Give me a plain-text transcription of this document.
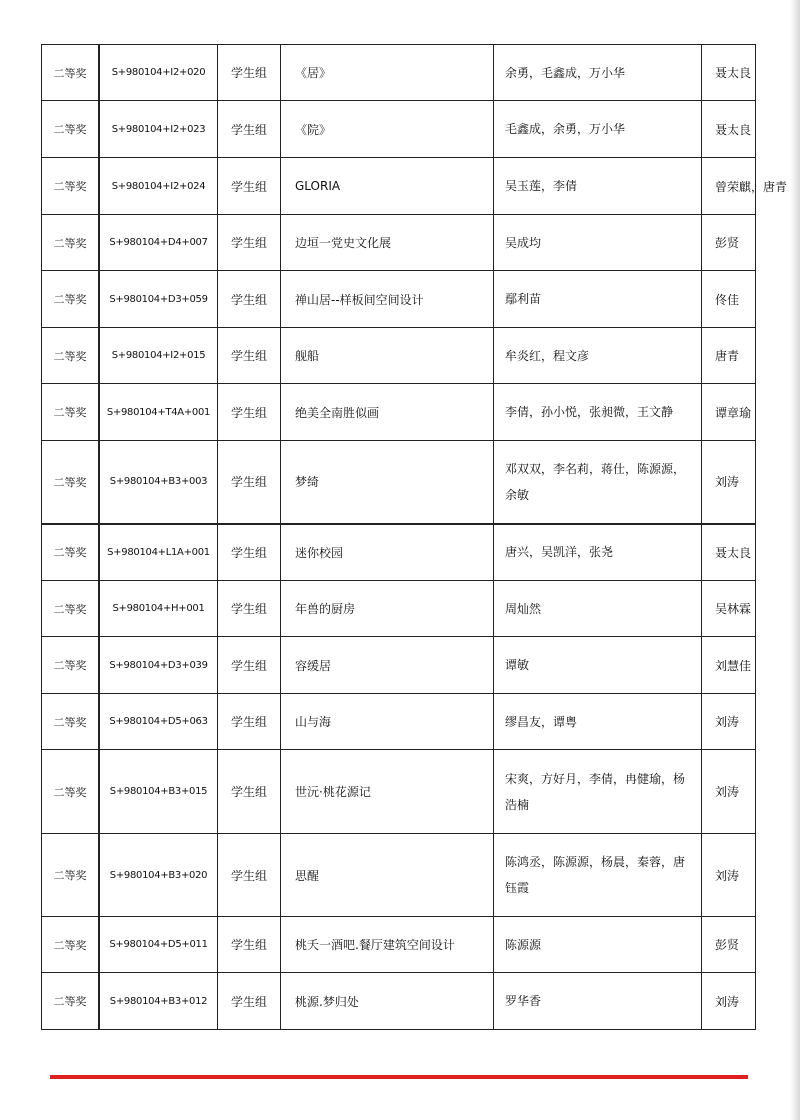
二等奖	S+980104+I2+020	学生组	《居》	余勇，毛鑫成，万小华	聂太良
二等奖	S+980104+I2+023	学生组	《院》	毛鑫成，余勇，万小华	聂太良
二等奖	S+980104+I2+024	学生组	GLORIA	吴玉莲，李倩	曾荣麒，唐青
二等奖	S+980104+D4+007	学生组	边垣一党史文化展	吴成均	彭贤
二等奖	S+980104+D3+059	学生组	禅山居--样板间空间设计	鄢利苗	佟佳
二等奖	S+980104+I2+015	学生组	舰船	牟炎红，程文彦	唐青
二等奖	S+980104+T4A+001	学生组	绝美全南胜似画	李倩，孙小悦，张昶微，王文静	谭章瑜
二等奖	S+980104+B3+003	学生组	梦绮	邓双双，李名莉，蒋仕，陈源源，余敏	刘涛
二等奖	S+980104+L1A+001	学生组	迷你校园	唐兴，吴凯洋，张尧	聂太良
二等奖	S+980104+H+001	学生组	年兽的厨房	周灿然	吴林霖
二等奖	S+980104+D3+039	学生组	容缓居	谭敏	刘慧佳
二等奖	S+980104+D5+063	学生组	山与海	缪昌友，谭粤	刘涛
二等奖	S+980104+B3+015	学生组	世沅·桃花源记	宋爽，方好月，李倩，冉健瑜，杨浩楠	刘涛
二等奖	S+980104+B3+020	学生组	思醒	陈鸿丞，陈源源，杨晨，秦蓉，唐钰霞	刘涛
二等奖	S+980104+D5+011	学生组	桃夭一酒吧.餐厅建筑空间设计	陈源源	彭贤
二等奖	S+980104+B3+012	学生组	桃源.梦归处	罗华香	刘涛
